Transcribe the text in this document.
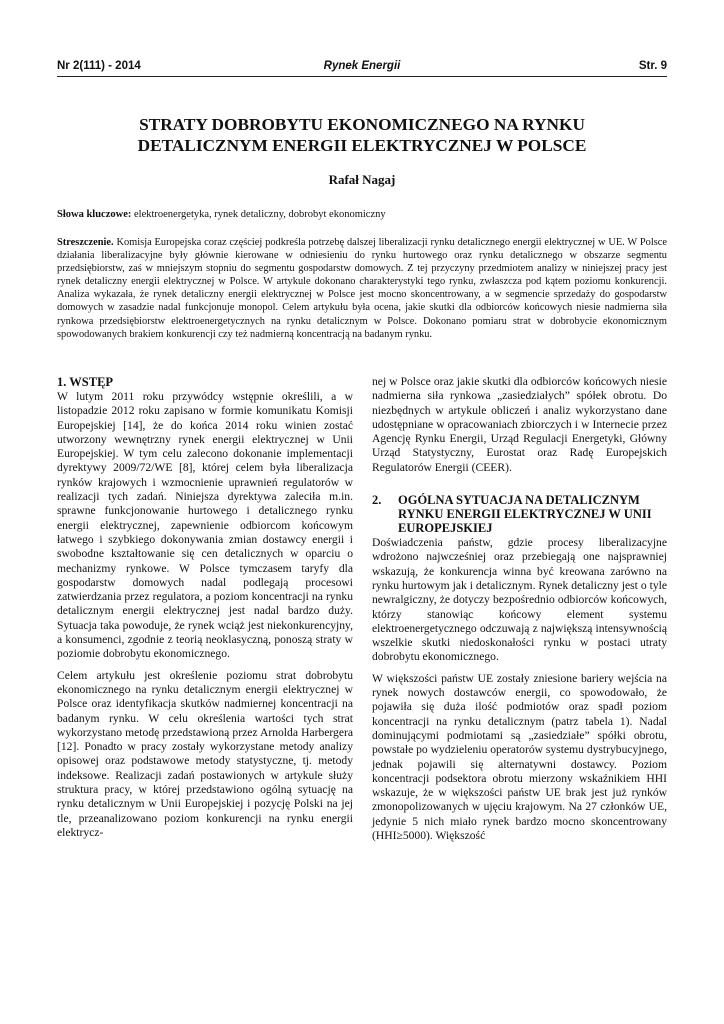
Nr 2(111) - 2014	Rynek Energii	Str. 9
STRATY DOBROBYTU EKONOMICZNEGO NA RYNKU
DETALICZNYM ENERGII ELEKTRYCZNEJ W POLSCE
Rafał Nagaj
Słowa kluczowe: elektroenergetyka, rynek detaliczny, dobrobyt ekonomiczny

Streszczenie. Komisja Europejska coraz częściej podkreśla potrzebę dalszej liberalizacji rynku detalicznego energii elektrycznej w UE. W Polsce działania liberalizacyjne były głównie kierowane w odniesieniu do rynku hurtowego oraz rynku detalicznego w obszarze segmentu przedsiębiorstw, zaś w mniejszym stopniu do segmentu gospodarstw domowych. Z tej przyczyny przedmiotem analizy w niniejszej pracy jest rynek detaliczny energii elektrycznej w Polsce. W artykule dokonano charakterystyki tego rynku, zwłaszcza pod kątem poziomu konkurencji. Analiza wykazała, że rynek detaliczny energii elektrycznej w Polsce jest mocno skoncentrowany, a w segmencie sprzedaży do gospodarstw domowych w zasadzie nadal funkcjonuje monopol. Celem artykułu była ocena, jakie skutki dla odbiorców końcowych niesie nadmierna siła rynkowa przedsiębiorstw elektroenergetycznych na rynku detalicznym w Polsce. Dokonano pomiaru strat w dobrobycie ekonomicznym spowodowanych brakiem konkurencji czy też nadmierną koncentracją na badanym rynku.

1. WSTĘP

W lutym 2011 roku przywódcy wstępnie określili, a w listopadzie 2012 roku zapisano w formie komunikatu Komisji Europejskiej [14], że do końca 2014 roku winien zostać utworzony wewnętrzny rynek energii elektrycznej w Unii Europejskiej. W tym celu zalecono dokonanie implementacji dyrektywy 2009/72/WE [8], której celem była liberalizacja rynków krajowych i wzmocnienie uprawnień regulatorów w realizacji tych zadań. Niniejsza dyrektywa zaleciła m.in. sprawne funkcjonowanie hurtowego i detalicznego rynku energii elektrycznej, zapewnienie odbiorcom końcowym łatwego i szybkiego dokonywania zmian dostawcy energii i swobodne kształtowanie się cen detalicznych w oparciu o mechanizmy rynkowe. W Polsce tymczasem taryfy dla gospodarstw domowych nadal podlegają procesowi zatwierdzania przez regulatora, a poziom koncentracji na rynku detalicznym energii elektrycznej jest nadal bardzo duży. Sytuacja taka powoduje, że rynek wciąż jest niekonkurencyjny, a konsumenci, zgodnie z teorią neoklasyczną, ponoszą straty w poziomie dobrobytu ekonomicznego.

Celem artykułu jest określenie poziomu strat dobrobytu ekonomicznego na rynku detalicznym energii elektrycznej w Polsce oraz identyfikacja skutków nadmiernej koncentracji na badanym rynku. W celu określenia wartości tych strat wykorzystano metodę przedstawioną przez Arnolda Harbergera [12]. Ponadto w pracy zostały wykorzystane metody analizy opisowej oraz podstawowe metody statystyczne, tj. metody indeksowe. Realizacji zadań postawionych w artykule służy struktura pracy, w której przedstawiono ogólną sytuację na rynku detalicznym w Unii Europejskiej i pozycję Polski na jej tle, przeanalizowano poziom konkurencji na rynku energii elektrycz-

nej w Polsce oraz jakie skutki dla odbiorców końcowych niesie nadmierna siła rynkowa „zasiedziałych” spółek obrotu. Do niezbędnych w artykule obliczeń i analiz wykorzystano dane udostępniane w opracowaniach zbiorczych i w Internecie przez Agencję Rynku Energii, Urząd Regulacji Energetyki, Główny Urząd Statystyczny, Eurostat oraz Radę Europejskich Regulatorów Energii (CEER).

2.	OGÓLNA SYTUACJA NA DETALICZNYM RYNKU ENERGII ELEKTRYCZNEJ W UNII EUROPEJSKIEJ

Doświadczenia państw, gdzie procesy liberalizacyjne wdrożono najwcześniej oraz przebiegają one najsprawniej wskazują, że konkurencja winna być kreowana zarówno na rynku hurtowym jak i detalicznym. Rynek detaliczny jest o tyle newralgiczny, że dotyczy bezpośrednio odbiorców końcowych, którzy stanowiąc końcowy element systemu elektroenergetycznego odczuwają z największą intensywnością wszelkie skutki niedoskonałości rynku w postaci utraty dobrobytu ekonomicznego.

W większości państw UE zostały zniesione bariery wejścia na rynek nowych dostawców energii, co spowodowało, że pojawiła się duża ilość podmiotów oraz spadł poziom koncentracji na rynku detalicznym (patrz tabela 1). Nadal dominującymi podmiotami są „zasiedziałe” spółki obrotu, powstałe po wydzieleniu operatorów systemu dystrybucyjnego, jednak pojawili się alternatywni dostawcy. Poziom koncentracji podsektora obrotu mierzony wskaźnikiem HHI wskazuje, że w większości państw UE brak jest już rynków zmonopolizowanych w ujęciu krajowym. Na 27 członków UE, jedynie 5 nich miało rynek bardzo mocno skoncentrowany (HHI≥5000). Większość
